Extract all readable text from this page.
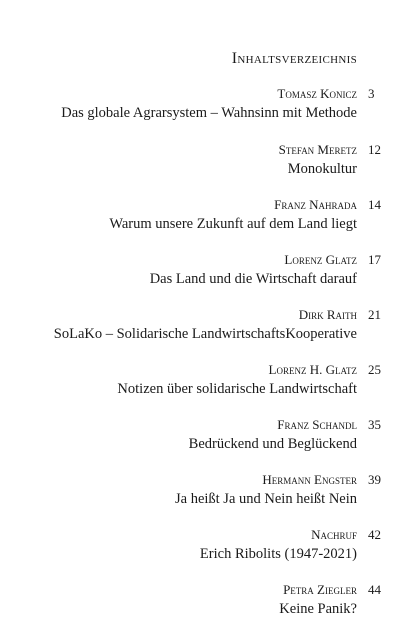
Inhaltsverzeichnis
Tomasz Konicz 3
Das globale Agrarsystem – Wahnsinn mit Methode
Stefan Meretz 12
Monokultur
Franz Nahrada 14
Warum unsere Zukunft auf dem Land liegt
Lorenz Glatz 17
Das Land und die Wirtschaft darauf
Dirk Raith 21
SoLaKo – Solidarische LandwirtschaftsKooperative
Lorenz H. Glatz 25
Notizen über solidarische Landwirtschaft
Franz Schandl 35
Bedrückend und Beglückend
Hermann Engster 39
Ja heißt Ja und Nein heißt Nein
Nachruf 42
Erich Ribolits (1947-2021)
Petra Ziegler 44
Keine Panik?
